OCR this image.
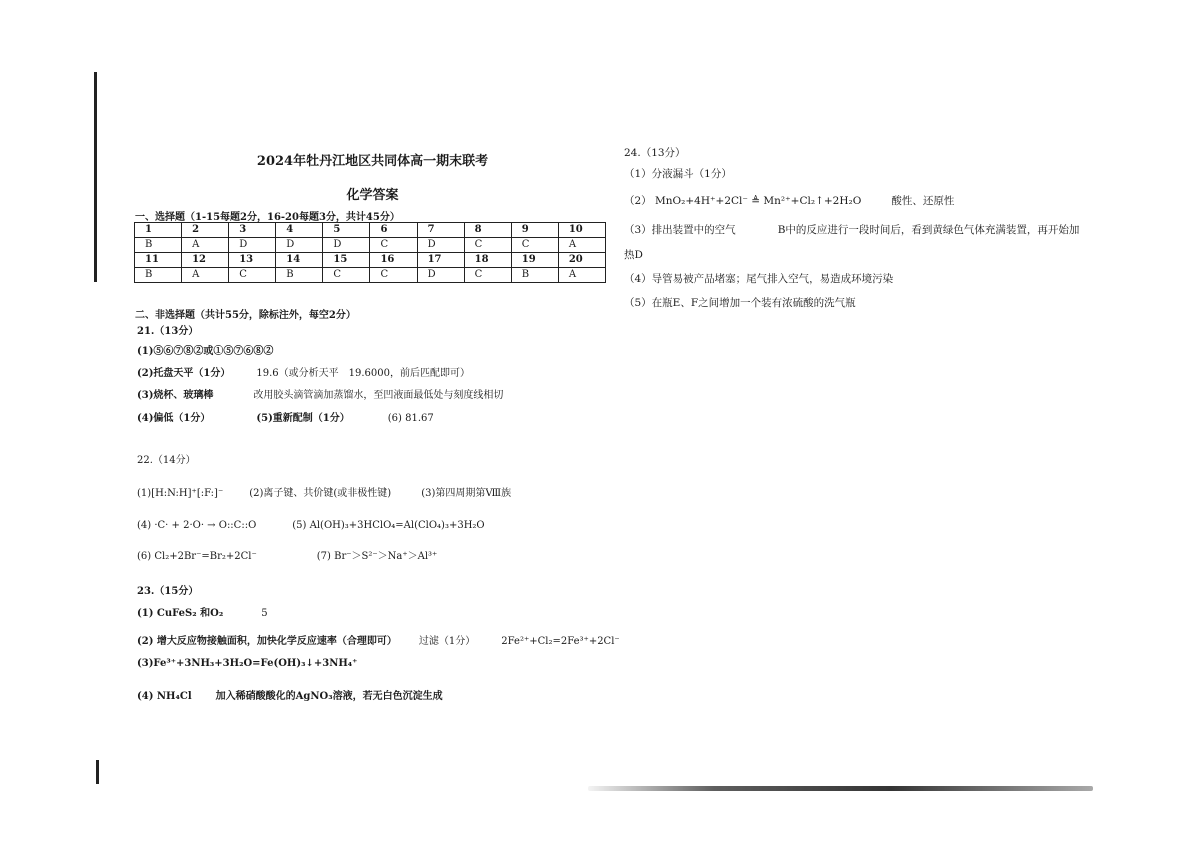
2024年牡丹江地区共同体高一期末联考
化学答案
一、选择题（1-15每题2分，16-20每题3分，共计45分）
1	2	3	4	5	6	7	8	9	10
B	A	D	D	D	C	D	C	C	A
11	12	13	14	15	16	17	18	19	20
B	A	C	B	C	C	D	C	B	A
二、非选择题（共计55分，除标注外，每空2分）
21.（13分）
(1)⑤⑥⑦⑧②或①⑤⑦⑥⑧②
(2)托盘天平（1分）	19.6（或分析天平　19.6000，前后匹配即可）
(3)烧杯、玻璃棒	改用胶头滴管滴加蒸馏水，至凹液面最低处与刻度线相切
(4)偏低（1分）	(5)重新配制（1分）	(6) 81.67
22.（14分）
(1)[H:N:H]⁺[:F:]⁻	(2)离子键、共价键(或非极性键)	(3)第四周期第Ⅷ族
(4) ·C· + 2·O· → O::C::O	(5) Al(OH)₃+3HClO₄=Al(ClO₄)₃+3H₂O
(6) Cl₂+2Br⁻=Br₂+2Cl⁻	(7) Br⁻＞S²⁻＞Na⁺＞Al³⁺
23.（15分）
(1) CuFeS₂ 和O₂	5
(2) 增大反应物接触面积，加快化学反应速率（合理即可） 过滤（1分）	2Fe²⁺+Cl₂=2Fe³⁺+2Cl⁻
(3)Fe³⁺+3NH₃+3H₂O=Fe(OH)₃↓+3NH₄⁺
(4) NH₄Cl 加入稀硝酸酸化的AgNO₃溶液，若无白色沉淀生成
24.（13分）
（1）分液漏斗（1分）
（2） MnO₂+4H⁺+2Cl⁻ ≜ Mn²⁺+Cl₂↑+2H₂O	酸性、还原性
（3）排出装置中的空气	B中的反应进行一段时间后，看到黄绿色气体充满装置，再开始加
热D
（4）导管易被产品堵塞；尾气排入空气，易造成环境污染
（5）在瓶E、F之间增加一个装有浓硫酸的洗气瓶
